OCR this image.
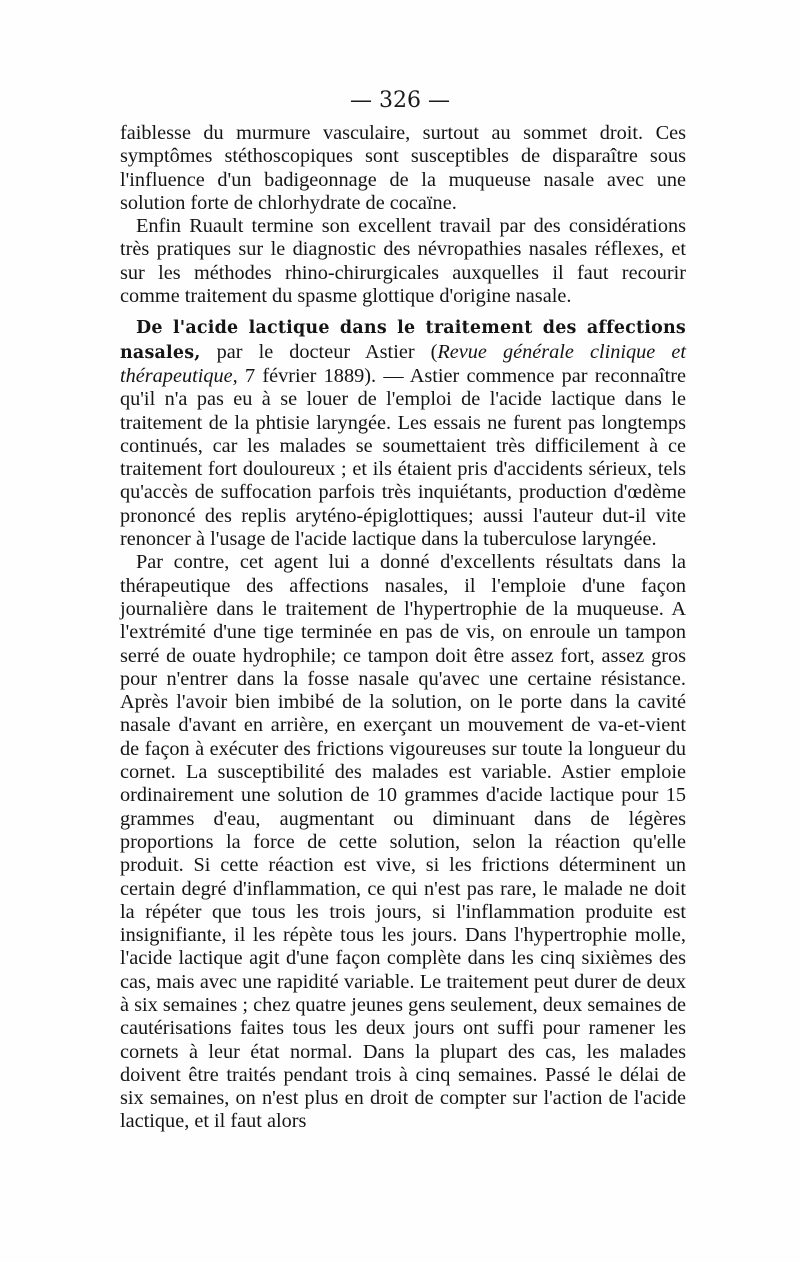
— 326 —

faiblesse du murmure vasculaire, surtout au sommet droit. Ces symptômes stéthoscopiques sont susceptibles de disparaître sous l'influence d'un badigeonnage de la muqueuse nasale avec une solution forte de chlorhydrate de cocaïne.

Enfin Ruault termine son excellent travail par des considérations très pratiques sur le diagnostic des névropathies nasales réflexes, et sur les méthodes rhino-chirurgicales auxquelles il faut recourir comme traitement du spasme glottique d'origine nasale.

De l'acide lactique dans le traitement des affections nasales, par le docteur Astier (Revue générale clinique et thérapeutique, 7 février 1889). — Astier commence par reconnaître qu'il n'a pas eu à se louer de l'emploi de l'acide lactique dans le traitement de la phtisie laryngée. Les essais ne furent pas longtemps continués, car les malades se soumettaient très difficilement à ce traitement fort douloureux ; et ils étaient pris d'accidents sérieux, tels qu'accès de suffocation parfois très inquiétants, production d'œdème prononcé des replis aryténo-épiglottiques; aussi l'auteur dut-il vite renoncer à l'usage de l'acide lactique dans la tuberculose laryngée.

Par contre, cet agent lui a donné d'excellents résultats dans la thérapeutique des affections nasales, il l'emploie d'une façon journalière dans le traitement de l'hypertrophie de la muqueuse. A l'extrémité d'une tige terminée en pas de vis, on enroule un tampon serré de ouate hydrophile; ce tampon doit être assez fort, assez gros pour n'entrer dans la fosse nasale qu'avec une certaine résistance. Après l'avoir bien imbibé de la solution, on le porte dans la cavité nasale d'avant en arrière, en exerçant un mouvement de va-et-vient de façon à exécuter des frictions vigoureuses sur toute la longueur du cornet. La susceptibilité des malades est variable. Astier emploie ordinairement une solution de 10 grammes d'acide lactique pour 15 grammes d'eau, augmentant ou diminuant dans de légères proportions la force de cette solution, selon la réaction qu'elle produit. Si cette réaction est vive, si les frictions déterminent un certain degré d'inflammation, ce qui n'est pas rare, le malade ne doit la répéter que tous les trois jours, si l'inflammation produite est insignifiante, il les répète tous les jours. Dans l'hypertrophie molle, l'acide lactique agit d'une façon complète dans les cinq sixièmes des cas, mais avec une rapidité variable. Le traitement peut durer de deux à six semaines ; chez quatre jeunes gens seulement, deux semaines de cautérisations faites tous les deux jours ont suffi pour ramener les cornets à leur état normal. Dans la plupart des cas, les malades doivent être traités pendant trois à cinq semaines. Passé le délai de six semaines, on n'est plus en droit de compter sur l'action de l'acide lactique, et il faut alors
